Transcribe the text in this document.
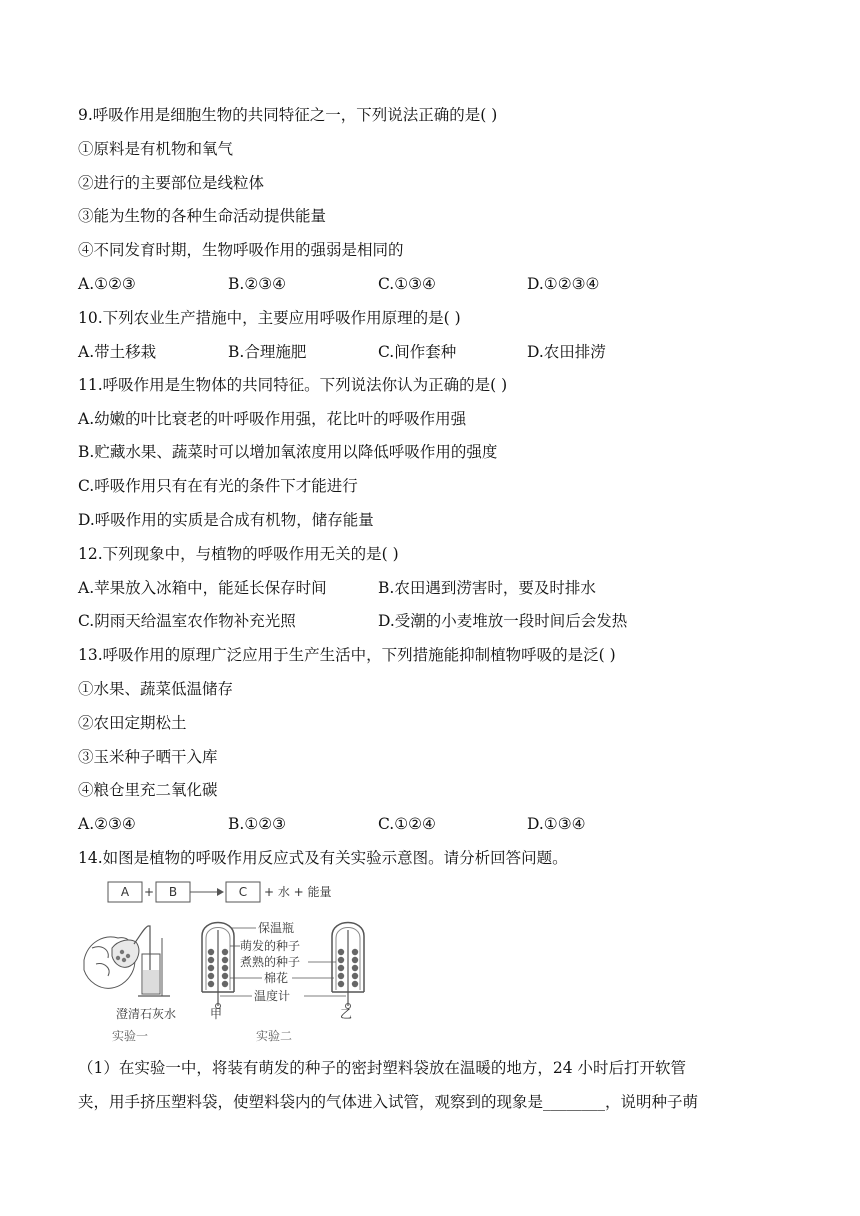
9.呼吸作用是细胞生物的共同特征之一，下列说法正确的是( )
①原料是有机物和氧气
②进行的主要部位是线粒体
③能为生物的各种生命活动提供能量
④不同发育时期，生物呼吸作用的强弱是相同的
A.①②③	B.②③④	C.①③④	D.①②③④
10.下列农业生产措施中，主要应用呼吸作用原理的是( )
A.带土移栽	B.合理施肥	C.间作套种	D.农田排涝
11.呼吸作用是生物体的共同特征。下列说法你认为正确的是( )
A.幼嫩的叶比衰老的叶呼吸作用强，花比叶的呼吸作用强
B.贮藏水果、蔬菜时可以增加氧浓度用以降低呼吸作用的强度
C.呼吸作用只有在有光的条件下才能进行
D.呼吸作用的实质是合成有机物，储存能量
12.下列现象中，与植物的呼吸作用无关的是( )
A.苹果放入冰箱中，能延长保存时间	B.农田遇到涝害时，要及时排水
C.阴雨天给温室农作物补充光照	D.受潮的小麦堆放一段时间后会发热
13.呼吸作用的原理广泛应用于生产生活中，下列措施能抑制植物呼吸的是泛( )
①水果、蔬菜低温储存
②农田定期松土
③玉米种子晒干入库
④粮仓里充二氧化碳
A.②③④	B.①②③	C.①②④	D.①③④
14.如图是植物的呼吸作用反应式及有关实验示意图。请分析回答问题。
A + B	C + 水 + 能量
澄清石灰水
实验一
甲	乙
保温瓶
萌发的种子
煮熟的种子
棉花
温度计
实验二
（1）在实验一中，将装有萌发的种子的密封塑料袋放在温暖的地方，24 小时后打开软管
夹，用手挤压塑料袋，使塑料袋内的气体进入试管，观察到的现象是________，说明种子萌
